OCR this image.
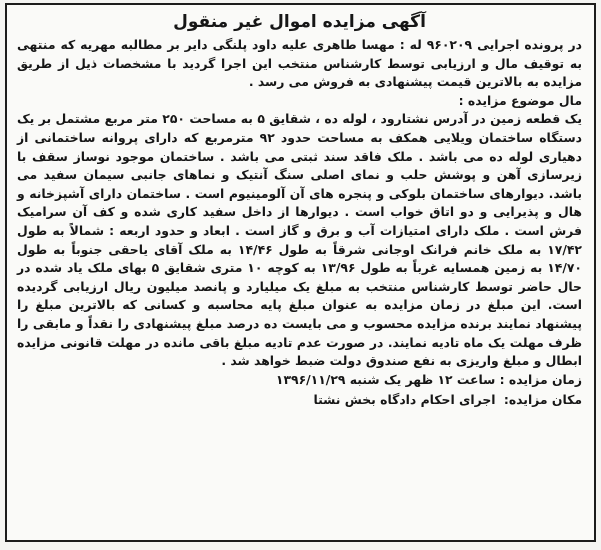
آگهی مزایده اموال غیر منقول

در پرونده اجرایی ۹۶۰۲۰۹ له : مهسا طاهری علیه داود پلنگی دایر بر مطالبه مهریه که منتهی به توقیف مال و ارزیابی توسط کارشناس منتخب این اجرا گردید با مشخصات ذیل از طریق مزایده به بالاترین قیمت پیشنهادی به فروش می رسد .

مال موضوع مزایده :

یک قطعه زمین در آدرس نشتارود ، لوله ده ، شقایق ۵ به مساحت ۲۵۰ متر مربع مشتمل بر یک دستگاه ساختمان ویلایی همکف به مساحت حدود ۹۲ مترمربع که دارای پروانه ساختمانی از دهیاری لوله ده می باشد . ملک فاقد سند ثبتی می باشد . ساختمان موجود نوساز سقف با زیرسازی آهن و پوشش حلب و نمای اصلی سنگ آنتیک و نماهای جانبی سیمان سفید می باشد. دیوارهای ساختمان بلوکی و پنجره های آن آلومینیوم است . ساختمان دارای آشپزخانه و هال و پذیرایی و دو اتاق خواب است . دیوارها از داخل سفید کاری شده و کف آن سرامیک فرش است . ملک دارای امتیازات آب و برق و گاز است . ابعاد و حدود اربعه : شمالاً به طول ۱۷/۴۲ به ملک خانم فرانک اوجانی شرقاً به طول ۱۴/۴۶ به ملک آقای یاحقی جنوباً به طول ۱۴/۷۰ به زمین همسایه غرباً به طول ۱۳/۹۶ به کوچه ۱۰ متری شقایق ۵ بهای ملک یاد شده در حال حاضر توسط کارشناس منتخب به مبلغ یک میلیارد و پانصد میلیون ریال ارزیابی گردیده است. این مبلغ در زمان مزایده به عنوان مبلغ پایه محاسبه و کسانی که بالاترین مبلغ را پیشنهاد نمایند برنده مزایده محسوب و می بایست ده درصد مبلغ پیشنهادی را نقداً و مابقی را ظرف مهلت یک ماه تادیه نمایند. در صورت عدم تادیه مبلغ باقی مانده در مهلت قانونی مزایده ابطال و مبلغ واریزی به نفع صندوق دولت ضبط خواهد شد .

زمان مزایده : ساعت ۱۲ ظهر یک شنبه ۱۳۹۶/۱۱/۲۹

مکان مزایده: اجرای احکام دادگاه بخش نشتا
